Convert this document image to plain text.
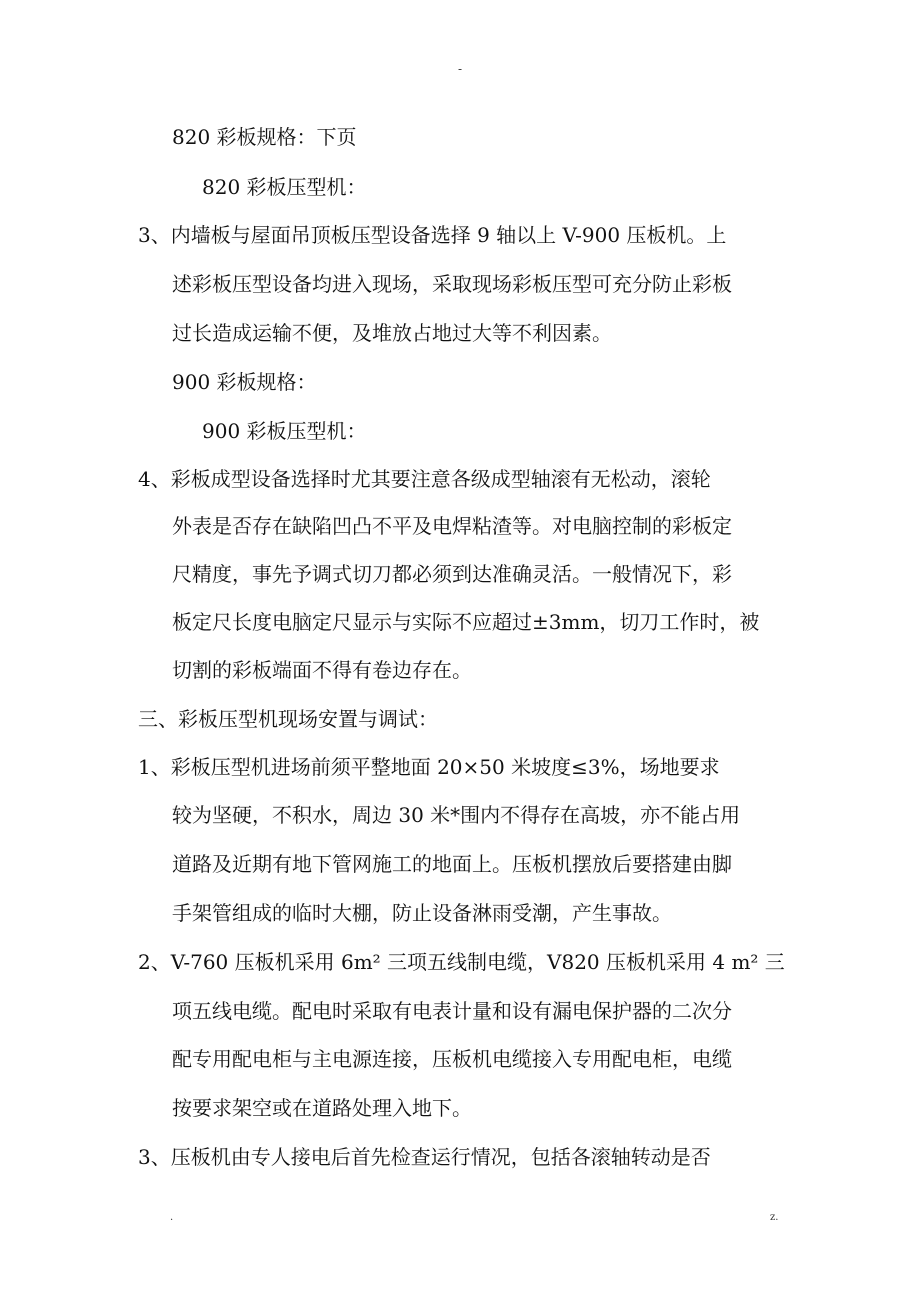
-
820 彩板规格：下页
820 彩板压型机：
3、内墙板与屋面吊顶板压型设备选择 9 轴以上 V-900 压板机。上
述彩板压型设备均进入现场，采取现场彩板压型可充分防止彩板
过长造成运输不便，及堆放占地过大等不利因素。
900 彩板规格：
900 彩板压型机：
4、彩板成型设备选择时尤其要注意各级成型轴滚有无松动，滚轮
外表是否存在缺陷凹凸不平及电焊粘渣等。对电脑控制的彩板定
尺精度，事先予调式切刀都必须到达准确灵活。一般情况下，彩
板定尺长度电脑定尺显示与实际不应超过±3mm，切刀工作时，被
切割的彩板端面不得有卷边存在。
三、彩板压型机现场安置与调试：
1、彩板压型机进场前须平整地面 20×50 米坡度≤3%，场地要求
较为坚硬，不积水，周边 30 米*围内不得存在高坡，亦不能占用
道路及近期有地下管网施工的地面上。压板机摆放后要搭建由脚
手架管组成的临时大棚，防止设备淋雨受潮，产生事故。
2、V-760 压板机采用 6m² 三项五线制电缆，V820 压板机采用 4 m² 三
项五线电缆。配电时采取有电表计量和设有漏电保护器的二次分
配专用配电柜与主电源连接，压板机电缆接入专用配电柜，电缆
按要求架空或在道路处理入地下。
3、压板机由专人接电后首先检查运行情况，包括各滚轴转动是否
.	z.
